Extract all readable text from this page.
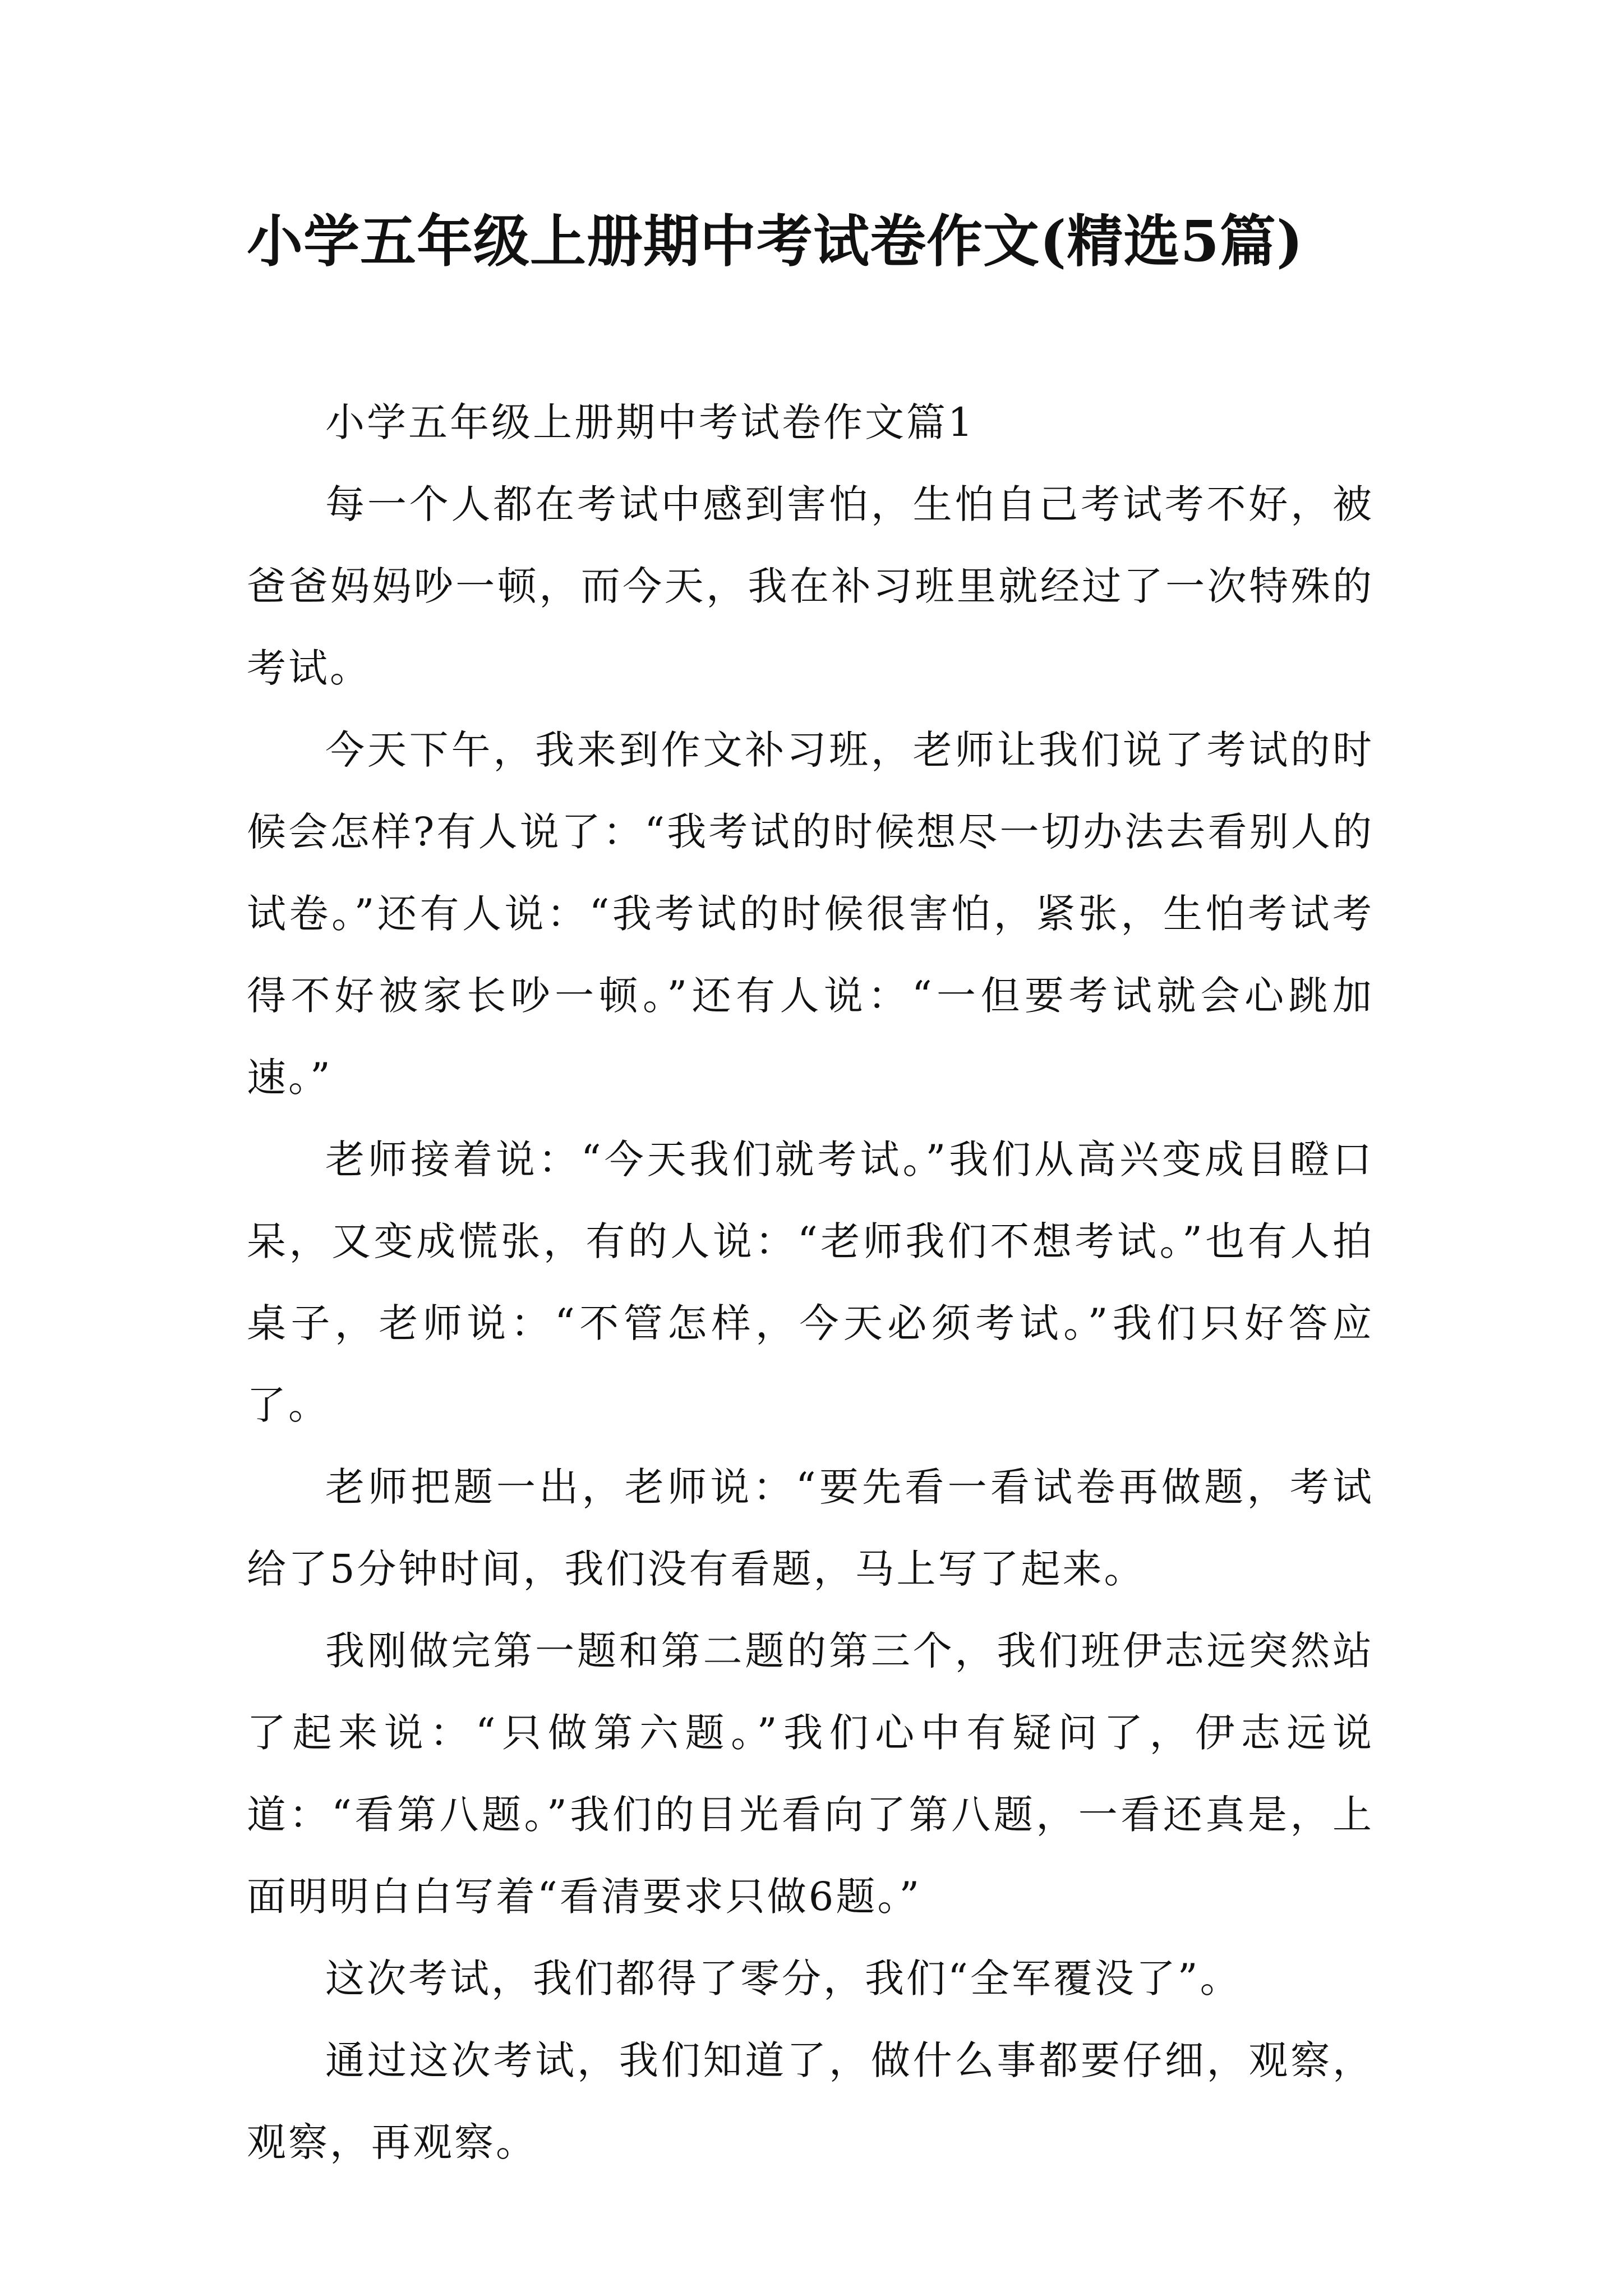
小学五年级上册期中考试卷作文(精选5篇)

小学五年级上册期中考试卷作文篇1

每一个人都在考试中感到害怕，生怕自己考试考不好，被爸爸妈妈吵一顿，而今天，我在补习班里就经过了一次特殊的考试。

今天下午，我来到作文补习班，老师让我们说了考试的时候会怎样?有人说了：“我考试的时候想尽一切办法去看别人的试卷。”还有人说：“我考试的时候很害怕，紧张，生怕考试考得不好被家长吵一顿。”还有人说：“一但要考试就会心跳加速。”

老师接着说：“今天我们就考试。”我们从高兴变成目瞪口呆，又变成慌张，有的人说：“老师我们不想考试。”也有人拍桌子，老师说：“不管怎样，今天必须考试。”我们只好答应了。

老师把题一出，老师说：“要先看一看试卷再做题，考试给了5分钟时间，我们没有看题，马上写了起来。

我刚做完第一题和第二题的第三个，我们班伊志远突然站了起来说：“只做第六题。”我们心中有疑问了，伊志远说道：“看第八题。”我们的目光看向了第八题，一看还真是，上面明明白白写着“看清要求只做6题。”

这次考试，我们都得了零分，我们“全军覆没了”。

通过这次考试，我们知道了，做什么事都要仔细，观察，观察，再观察。
